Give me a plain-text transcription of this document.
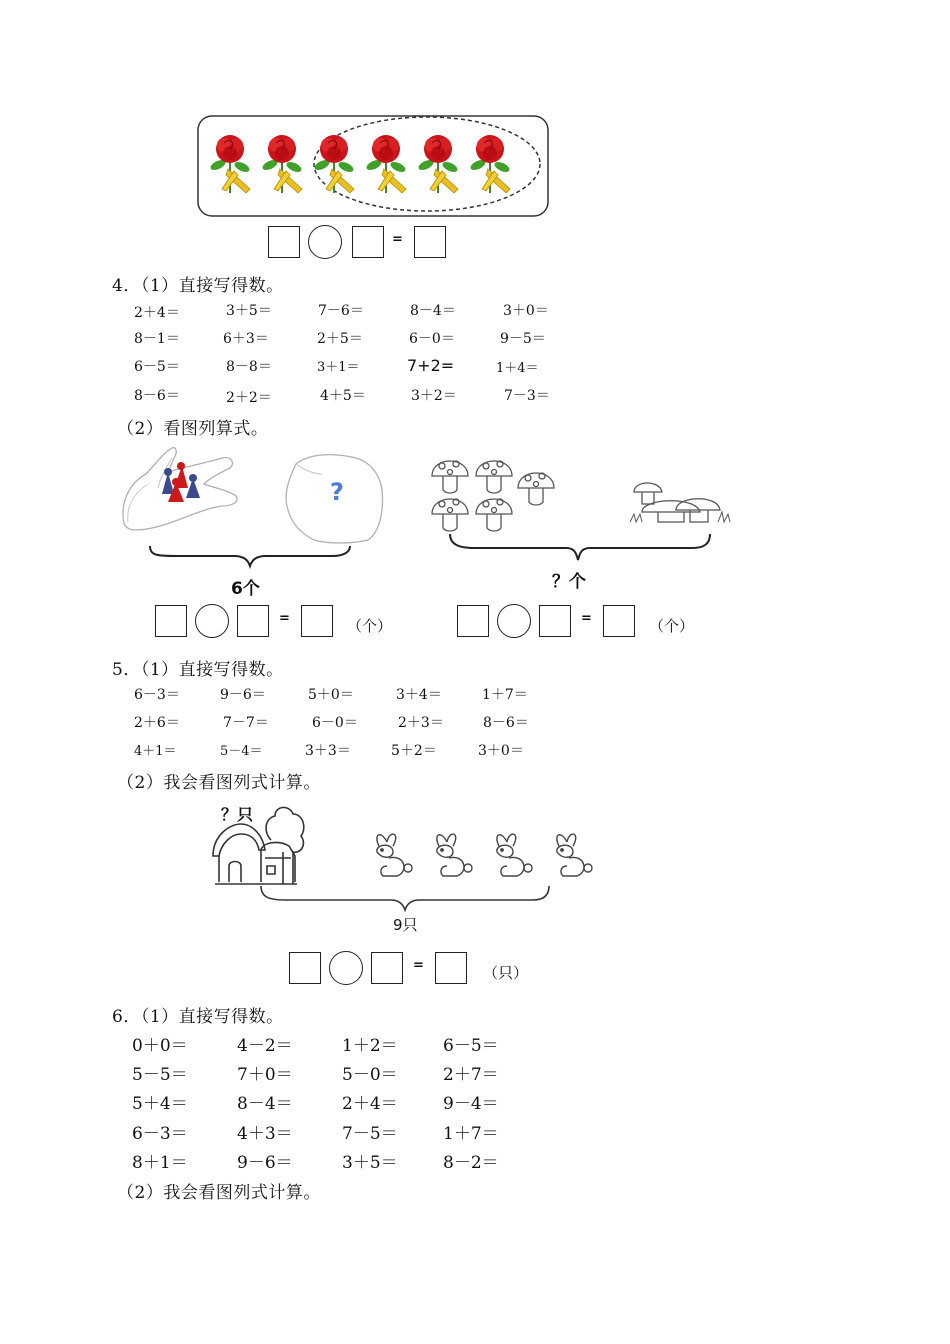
=
4．（1）直接写得数。
2＋4＝	3＋5＝	7－6＝	8－4＝	3＋0＝
8－1＝	6＋3＝	2＋5＝	6－0＝	9－5＝
6－5＝	8－8＝	3＋1＝	7+2=	1＋4＝
8－6＝	2＋2＝	4＋5＝	3＋2＝	7－3＝
（2）看图列算式。
?
6个	？个
=	（个）	=	（个）
5．（1）直接写得数。
6－3＝	9－6＝	5＋0＝	3＋4＝	1＋7＝
2＋6＝	7－7＝	6－0＝	2＋3＝	8－6＝
4＋1＝	5－4＝	3＋3＝	5＋2＝	3＋0＝
（2）我会看图列式计算。
？只
9只
=	（只）
6．（1）直接写得数。
0＋0＝	4－2＝	1＋2＝	6－5＝
5－5＝	7＋0＝	5－0＝	2＋7＝
5＋4＝	8－4＝	2＋4＝	9－4＝
6－3＝	4＋3＝	7－5＝	1＋7＝
8＋1＝	9－6＝	3＋5＝	8－2＝
（2）我会看图列式计算。
